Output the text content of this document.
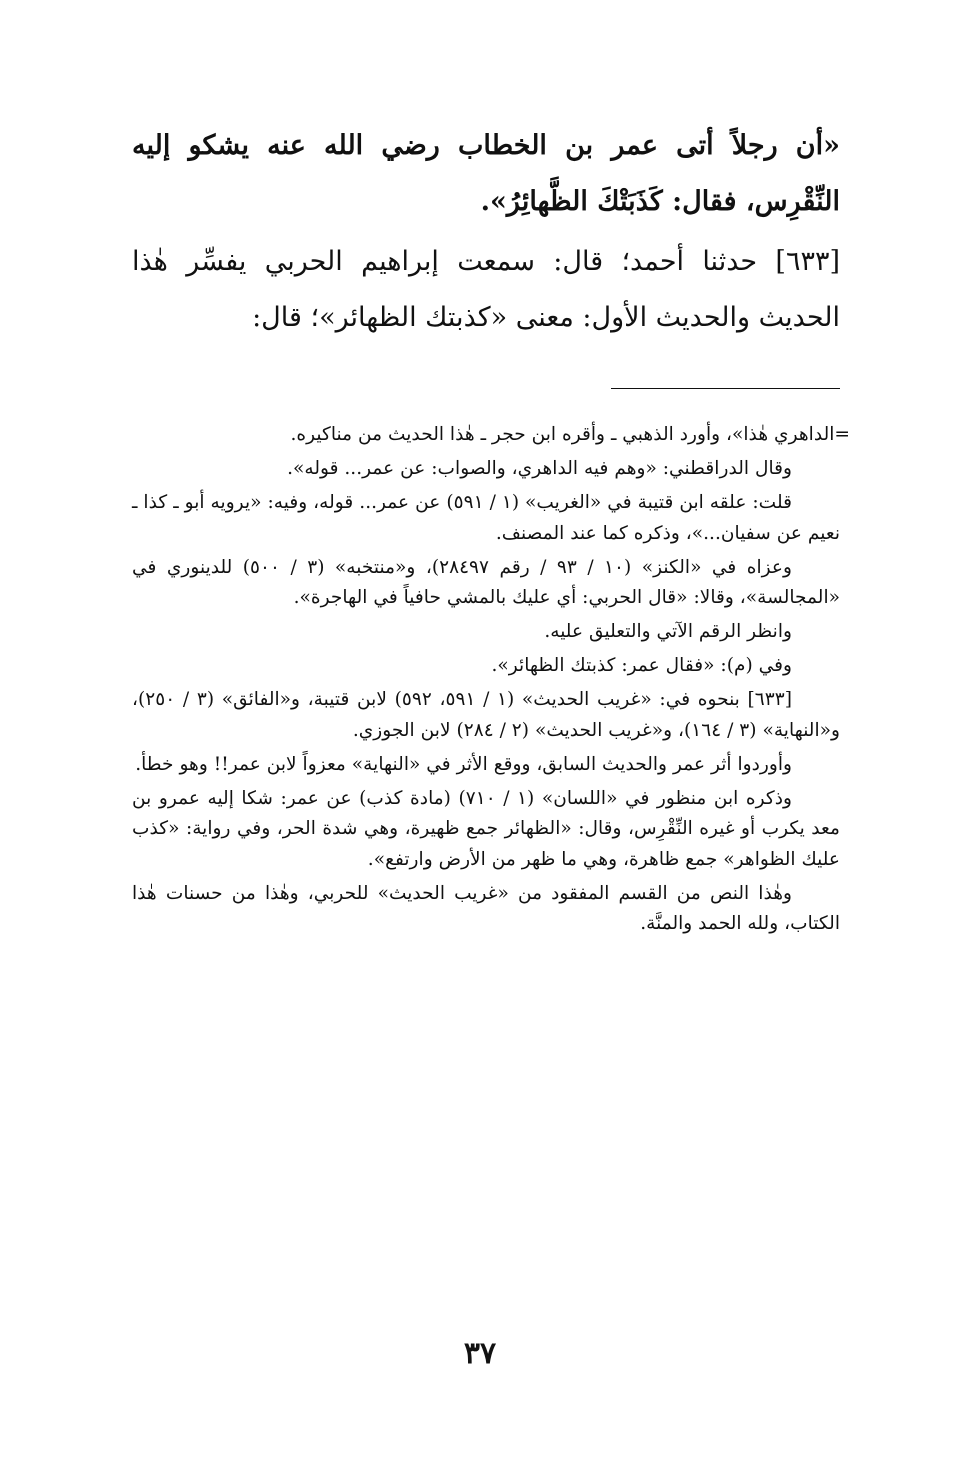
«أن رجلاً أتى عمر بن الخطاب رضي الله عنه يشكو إليه النِّقْرِس، فقال: كَذَبَتْكَ الظَّهائِرُ».

[٦٣٣] حدثنا أحمد؛ قال: سمعت إبراهيم الحربي يفسِّر هٰذا الحديث والحديث الأول: معنى «كذبتك الظهائر»؛ قال:

=الداهري هٰذا»، وأورد الذهبي ـ وأقره ابن حجر ـ هٰذا الحديث من مناكيره.

وقال الدراقطني: «وهم فيه الداهري، والصواب: عن عمر... قوله».

قلت: علقه ابن قتيبة في «الغريب» (١ / ٥٩١) عن عمر... قوله، وفيه: «يرويه أبو ـ كذا ـ نعيم عن سفيان...»، وذكره كما عند المصنف.

وعزاه في «الكنز» (١٠ / ٩٣ / رقم ٢٨٤٩٧)، و«منتخبه» (٣ / ٥٠٠) للدينوري في «المجالسة»، وقالا: «قال الحربي: أي عليك بالمشي حافياً في الهاجرة».

وانظر الرقم الآتي والتعليق عليه.

وفي (م): «فقال عمر: كذبتك الظهائر».

[٦٣٣] بنحوه في: «غريب الحديث» (١ / ٥٩١، ٥٩٢) لابن قتيبة، و«الفائق» (٣ / ٢٥٠)، و«النهاية» (٣ / ١٦٤)، و«غريب الحديث» (٢ / ٢٨٤) لابن الجوزي.

وأوردوا أثر عمر والحديث السابق، ووقع الأثر في «النهاية» معزواً لابن عمر!! وهو خطأ.

وذكره ابن منظور في «اللسان» (١ / ٧١٠) (مادة كذب) عن عمر: شكا إليه عمرو بن معد يكرب أو غيره النِّقْرِس، وقال: «الظهائر جمع ظهيرة، وهي شدة الحر، وفي رواية: «كذب عليك الظواهر» جمع ظاهرة، وهي ما ظهر من الأرض وارتفع».

وهٰذا النص من القسم المفقود من «غريب الحديث» للحربي، وهٰذا من حسنات هٰذا الكتاب، ولله الحمد والمنَّة.

٣٧
